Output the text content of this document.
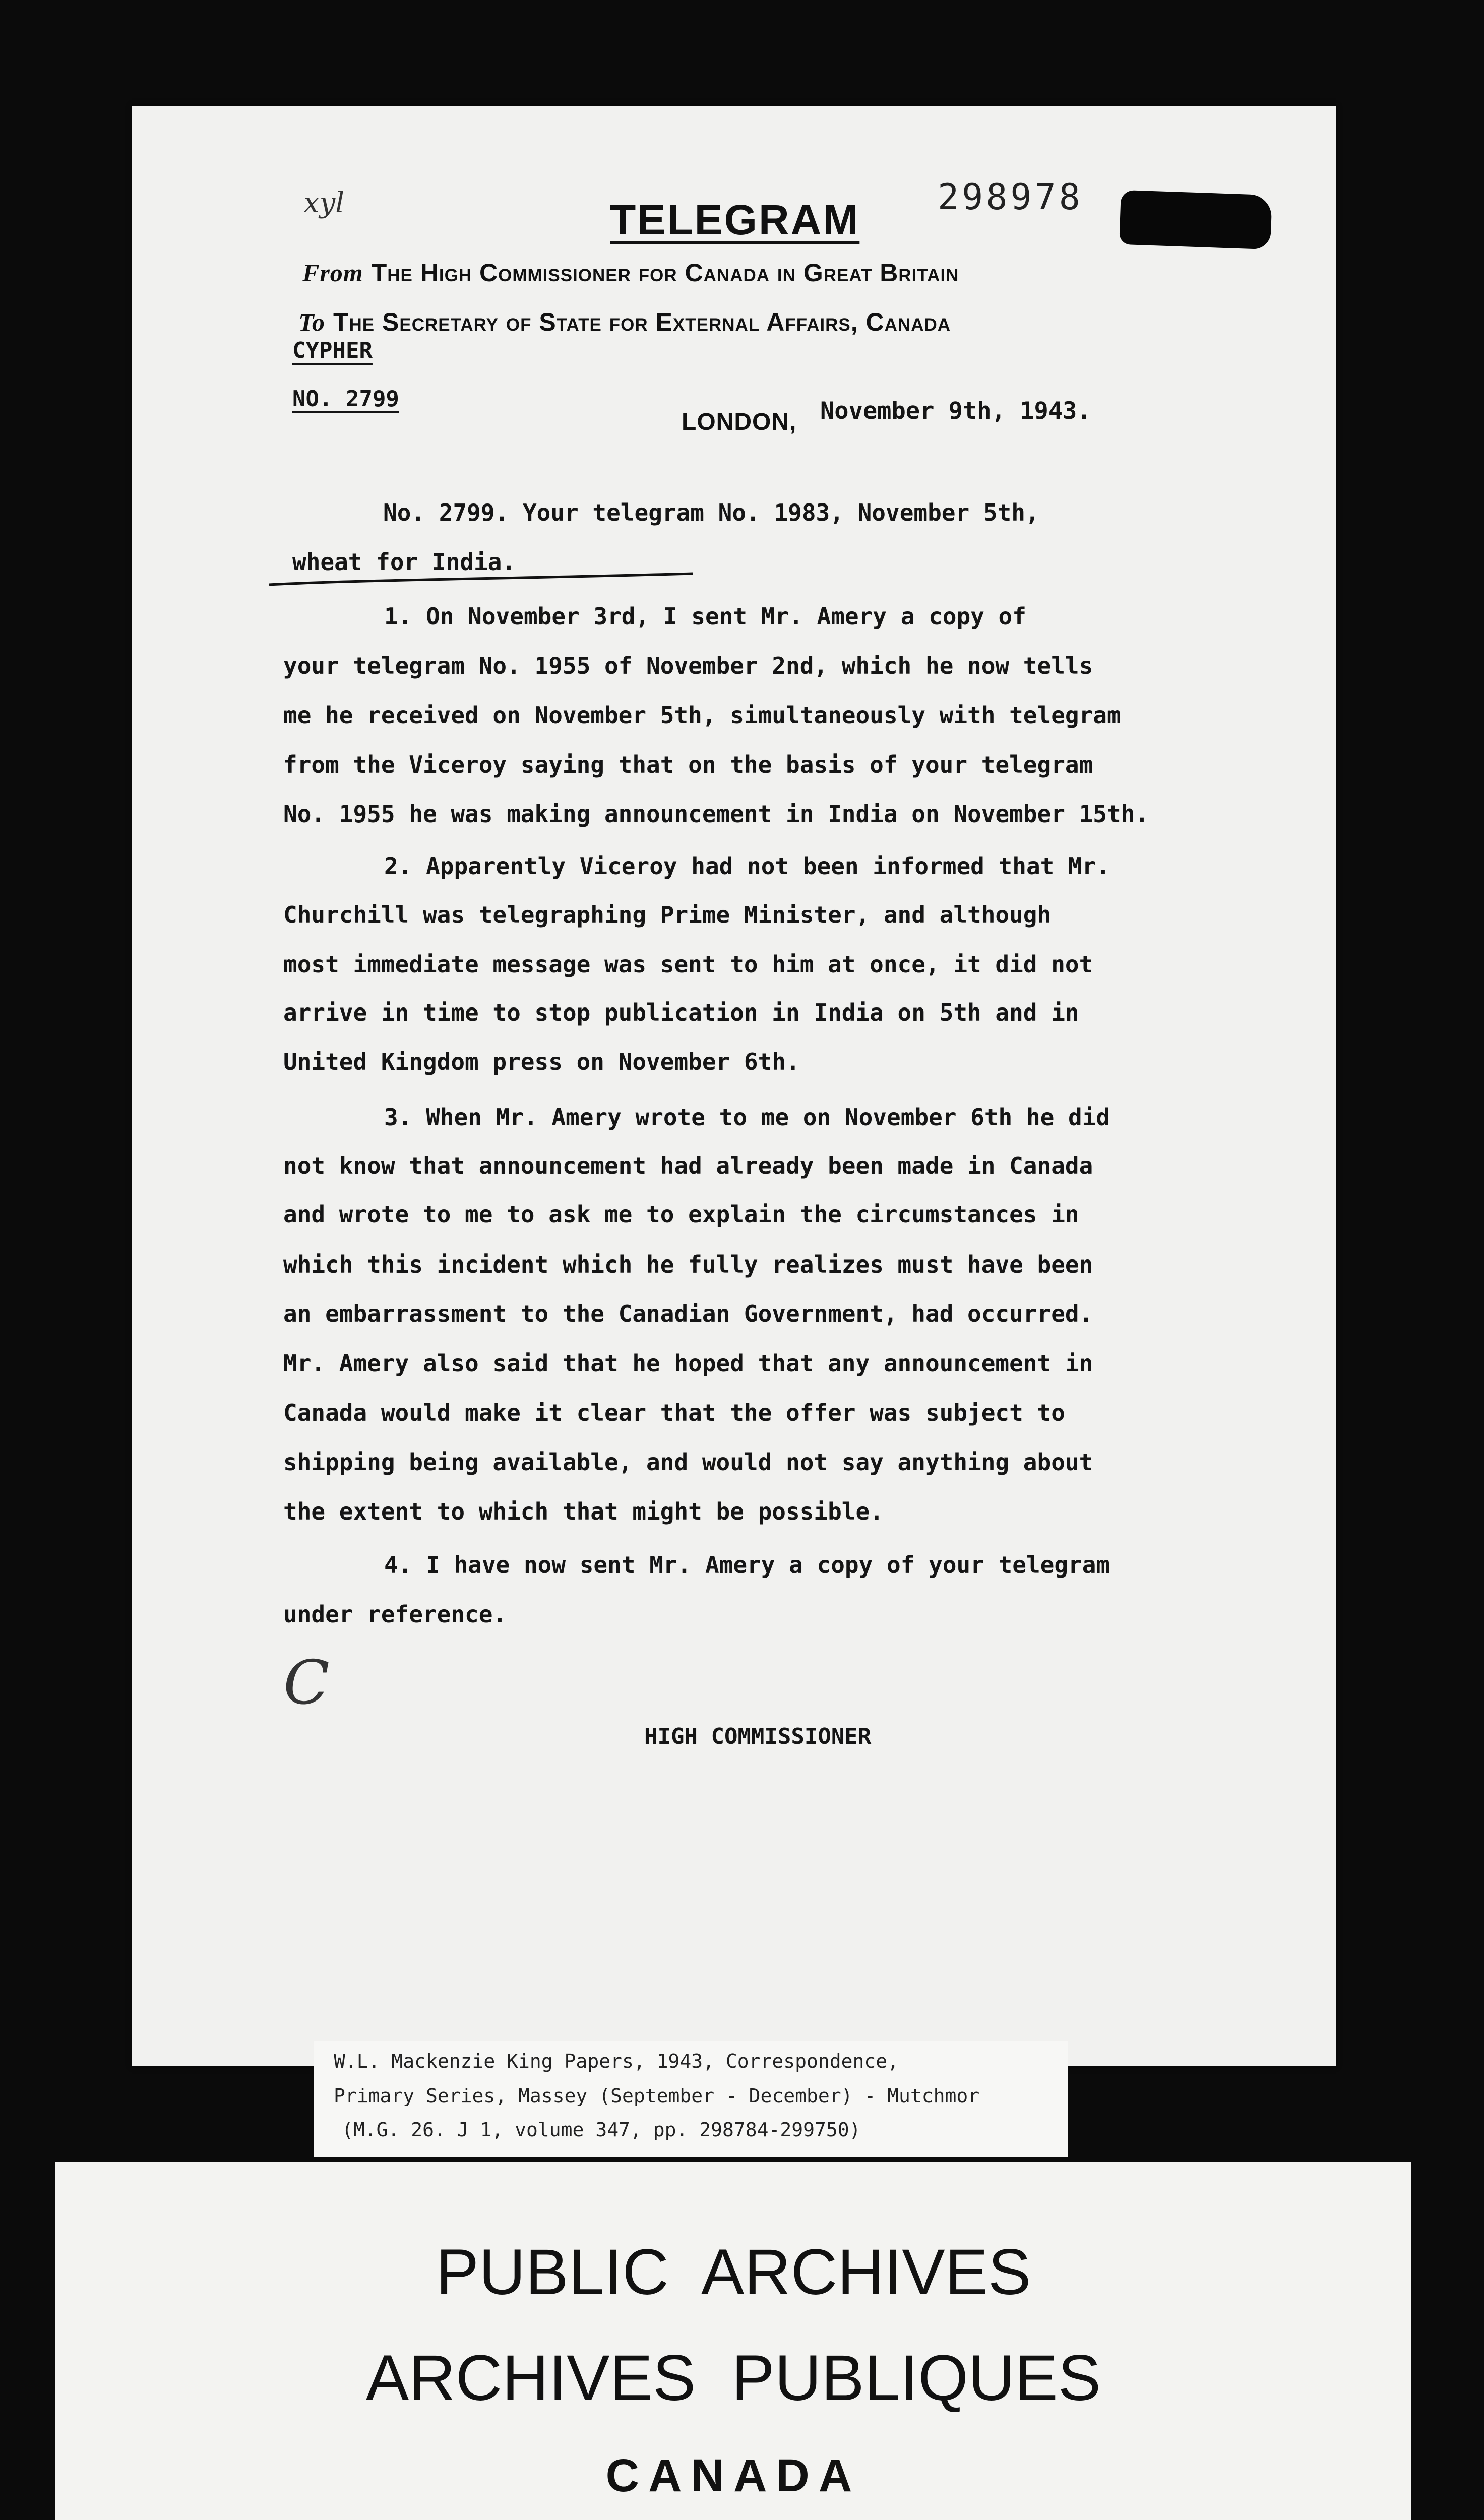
xyl	TELEGRAM 298978
From The High Commissioner for Canada in Great Britain
To The Secretary of State for External Affairs, Canada
CYPHER
NO. 2799
LONDON, November 9th, 1943.
No. 2799. Your telegram No. 1983, November 5th,
wheat for India.
1. On November 3rd, I sent Mr. Amery a copy of
your telegram No. 1955 of November 2nd, which he now tells
me he received on November 5th, simultaneously with telegram
from the Viceroy saying that on the basis of your telegram
No. 1955 he was making announcement in India on November 15th.
2. Apparently Viceroy had not been informed that Mr.
Churchill was telegraphing Prime Minister, and although
most immediate message was sent to him at once, it did not
arrive in time to stop publication in India on 5th and in
United Kingdom press on November 6th.
3. When Mr. Amery wrote to me on November 6th he did
not know that announcement had already been made in Canada
and wrote to me to ask me to explain the circumstances in
which this incident which he fully realizes must have been
an embarrassment to the Canadian Government, had occurred.
Mr. Amery also said that he hoped that any announcement in
Canada would make it clear that the offer was subject to
shipping being available, and would not say anything about
the extent to which that might be possible.
4. I have now sent Mr. Amery a copy of your telegram
under reference.
C
HIGH COMMISSIONER
W.L. Mackenzie King Papers, 1943, Correspondence,
Primary Series, Massey (September - December) - Mutchmor
(M.G. 26. J 1, volume 347, pp. 298784-299750)
PUBLIC  ARCHIVES
ARCHIVES  PUBLIQUES
CANADA
